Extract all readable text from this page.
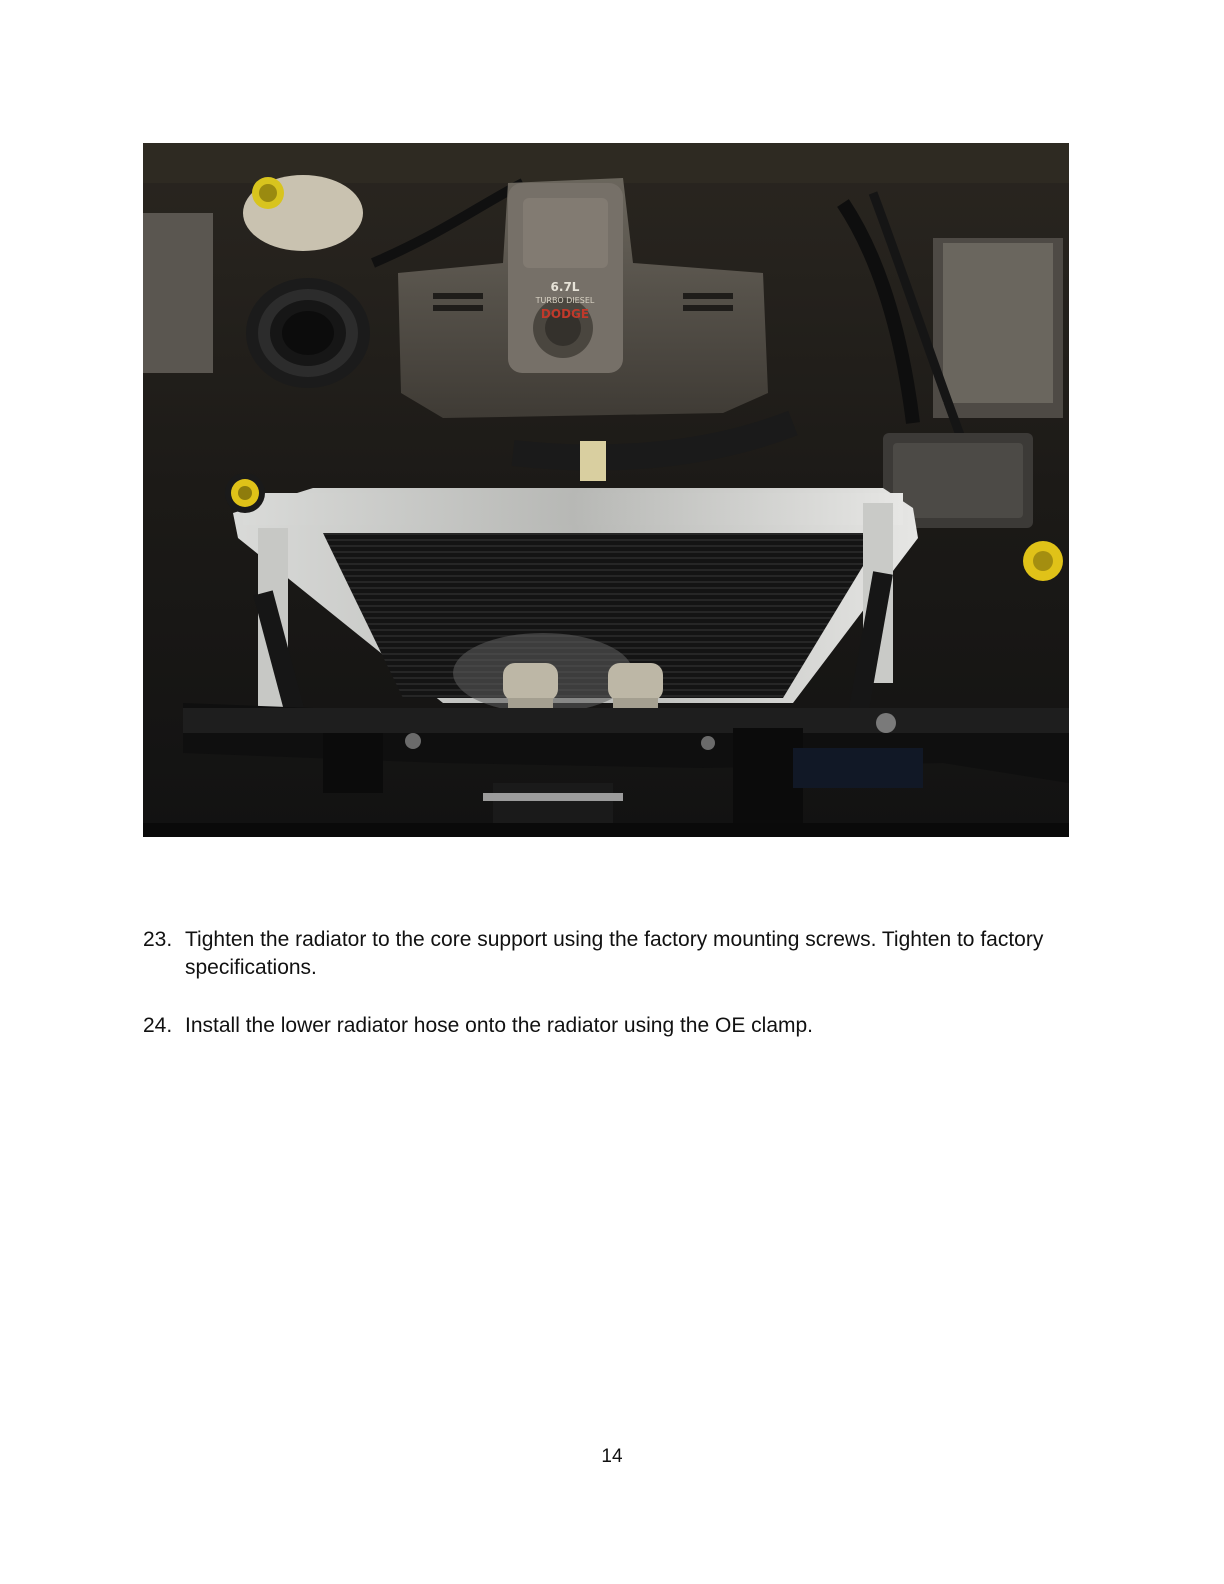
6.7L
TURBO DIESEL
DODGE
23. Tighten the radiator to the core support using the factory mounting screws. Tighten to factory specifications.
24. Install the lower radiator hose onto the radiator using the OE clamp.
14
